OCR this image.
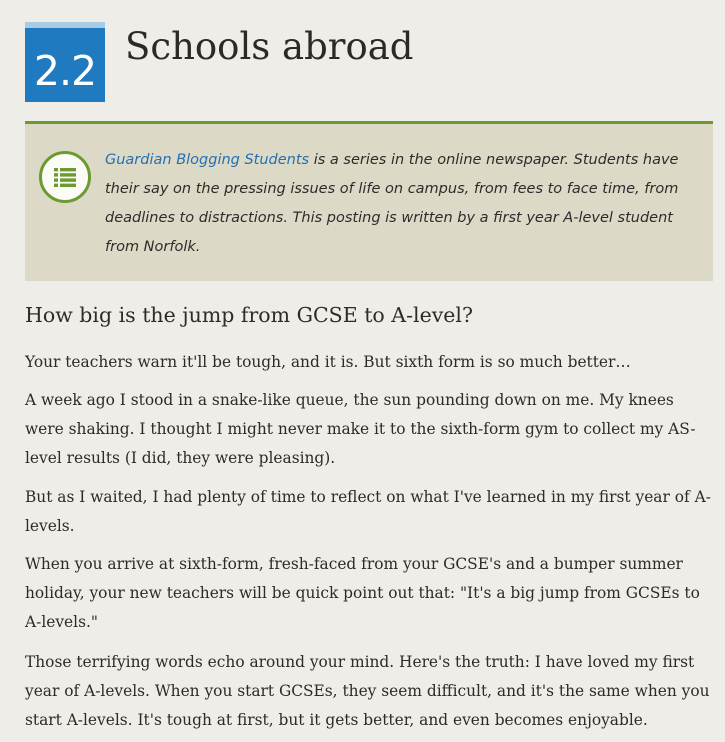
2.2
Schools abroad

Guardian Blogging Students is a series in the online newspaper. Students have their say on the pressing issues of life on campus, from fees to face time, from deadlines to distractions. This posting is written by a first year A-level student from Norfolk.

How big is the jump from GCSE to A-level?

Your teachers warn it'll be tough, and it is. But sixth form is so much better…

A week ago I stood in a snake-like queue, the sun pounding down on me. My knees were shaking. I thought I might never make it to the sixth-form gym to collect my AS-level results (I did, they were pleasing).

But as I waited, I had plenty of time to reflect on what I've learned in my first year of A-levels.

When you arrive at sixth-form, fresh-faced from your GCSE's and a bumper summer holiday, your new teachers will be quick point out that: "It's a big jump from GCSEs to A-levels."

Those terrifying words echo around your mind. Here's the truth: I have loved my first year of A-levels. When you start GCSEs, they seem difficult, and it's the same when you start A-levels. It's tough at first, but it gets better, and even becomes enjoyable.
